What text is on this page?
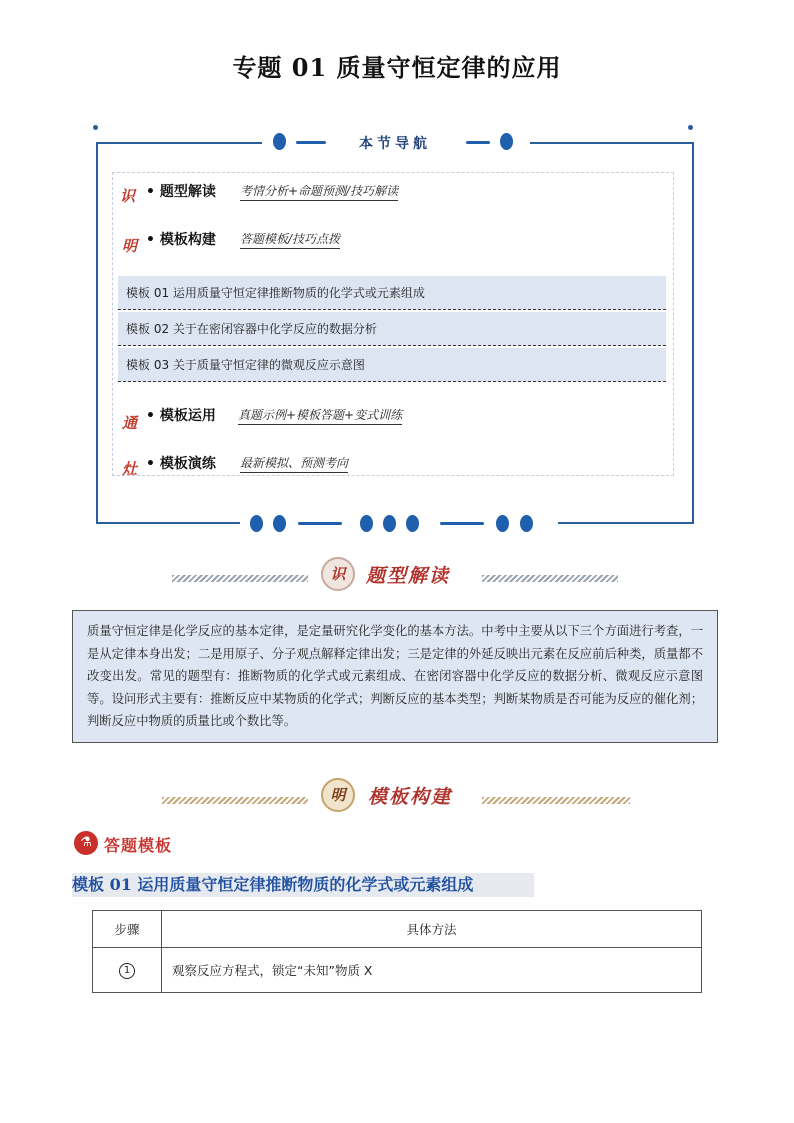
专题 01 质量守恒定律的应用
本节导航
识 • 题型解读 考情分析+命题预测/技巧解读
明 • 模板构建 答题模板/技巧点拨
模板 01 运用质量守恒定律推断物质的化学式或元素组成
模板 02 关于在密闭容器中化学反应的数据分析
模板 03 关于质量守恒定律的微观反应示意图
通 • 模板运用 真题示例+模板答题+变式训练
灶 • 模板演练 最新模拟、预测考向
识	题型解读
质量守恒定律是化学反应的基本定律，是定量研究化学变化的基本方法。中考中主要从以下三个方面进行考查，一是从定律本身出发；二是用原子、分子观点解释定律出发；三是定律的外延反映出元素在反应前后种类，质量都不改变出发。常见的题型有：推断物质的化学式或元素组成、在密闭容器中化学反应的数据分析、微观反应示意图等。设问形式主要有：推断反应中某物质的化学式；判断反应的基本类型；判断某物质是否可能为反应的催化剂；判断反应中物质的质量比或个数比等。
明	模板构建
⚗ 答题模板
模板 01 运用质量守恒定律推断物质的化学式或元素组成
步骤	具体方法
1	观察反应方程式，锁定“未知”物质 X
